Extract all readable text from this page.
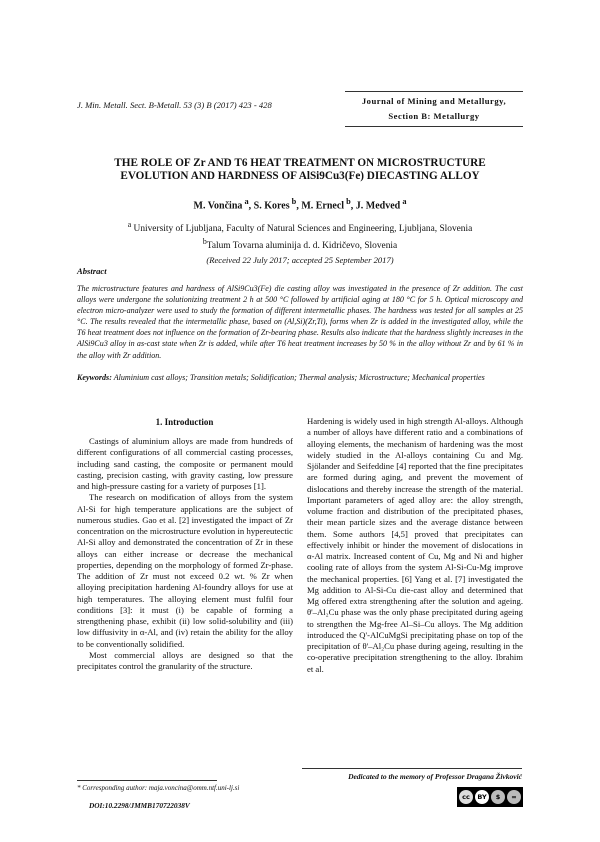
J. Min. Metall. Sect. B-Metall. 53 (3) B (2017) 423 - 428	Journal of Mining and Metallurgy,
Section B: Metallurgy
THE ROLE OF Zr AND T6 HEAT TREATMENT ON MICROSTRUCTURE
EVOLUTION AND HARDNESS OF AlSi9Cu3(Fe) DIECASTING ALLOY
M. Vončina $^a$, S. Kores $^b$, M. Ernecl $^b$, J. Medved $^a$
$^a$ University of Ljubljana, Faculty of Natural Sciences and Engineering, Ljubljana, Slovenia
$^b$Talum Tovarna aluminija d. d. Kidričevo, Slovenia
(Received 22 July 2017; accepted 25 September 2017)
Abstract
The microstructure features and hardness of AlSi9Cu3(Fe) die casting alloy was investigated in the presence of Zr addition. The cast alloys were undergone the solutionizing treatment 2 h at 500 °C followed by artificial aging at 180 °C for 5 h. Optical microscopy and electron micro-analyzer were used to study the formation of different intermetallic phases. The hardness was tested for all samples at 25 °C. The results revealed that the intermetallic phase, based on (Al,Si)(Zr,Ti), forms when Zr is added in the investigated alloy, while the T6 heat treatment does not influence on the formation of Zr-bearing phase. Results also indicate that the hardness slightly increases in the AlSi9Cu3 alloy in as-cast state when Zr is added, while after T6 heat treatment increases by 50 % in the alloy without Zr and by 61 % in the alloy with Zr addition.
Keywords: Aluminium cast alloys; Transition metals; Solidification; Thermal analysis; Microstructure; Mechanical properties
1. Introduction

Castings of aluminium alloys are made from hundreds of different configurations of all commercial casting processes, including sand casting, the composite or permanent mould casting, precision casting, with gravity casting, low pressure and high-pressure casting for a variety of purposes [1].

The research on modification of alloys from the system Al-Si for high temperature applications are the subject of numerous studies. Gao et al. [2] investigated the impact of Zr concentration on the microstructure evolution in hypereutectic Al-Si alloy and demonstrated the concentration of Zr in these alloys can either increase or decrease the mechanical properties, depending on the morphology of formed Zr-phase. The addition of Zr must not exceed 0.2 wt. % Zr when alloying precipitation hardening Al-foundry alloys for use at high temperatures. The alloying element must fulfil four conditions [3]: it must (i) be capable of forming a strengthening phase, exhibit (ii) low solid-solubility and (iii) low diffusivity in α-Al, and (iv) retain the ability for the alloy to be conventionally solidified.

Most commercial alloys are designed so that the precipitates control the granularity of the structure.

Hardening is widely used in high strength Al-alloys. Although a number of alloys have different ratio and a combinations of alloying elements, the mechanism of hardening was the most widely studied in the Al-alloys containing Cu and Mg. Sjölander and Seifeddine [4] reported that the fine precipitates are formed during aging, and prevent the movement of dislocations and thereby increase the strength of the material. Important parameters of aged alloy are: the alloy strength, volume fraction and distribution of the precipitated phases, their mean particle sizes and the average distance between them. Some authors [4,5] proved that precipitates can effectively inhibit or hinder the movement of dislocations in α-Al matrix. Increased content of Cu, Mg and Ni and higher cooling rate of alloys from the system Al-Si-Cu-Mg improve the mechanical properties. [6] Yang et al. [7] investigated the Mg addition to Al-Si-Cu die-cast alloy and determined that Mg offered extra strengthening after the solution and ageing. θ'–Al₂Cu phase was the only phase precipitated during ageing to strengthen the Mg-free Al–Si–Cu alloys. The Mg addition introduced the Q'-AlCuMgSi precipitating phase on top of the precipitation of θ'–Al₂Cu phase during ageing, resulting in the co-operative precipitation strengthening to the alloy. Ibrahim et al.

Dedicated to the memory of Professor Dragana Živković
* Corresponding author: maja.voncina@omm.ntf.uni-lj.si
DOI:10.2298/JMMB170722038V
cc	BY	$	=
